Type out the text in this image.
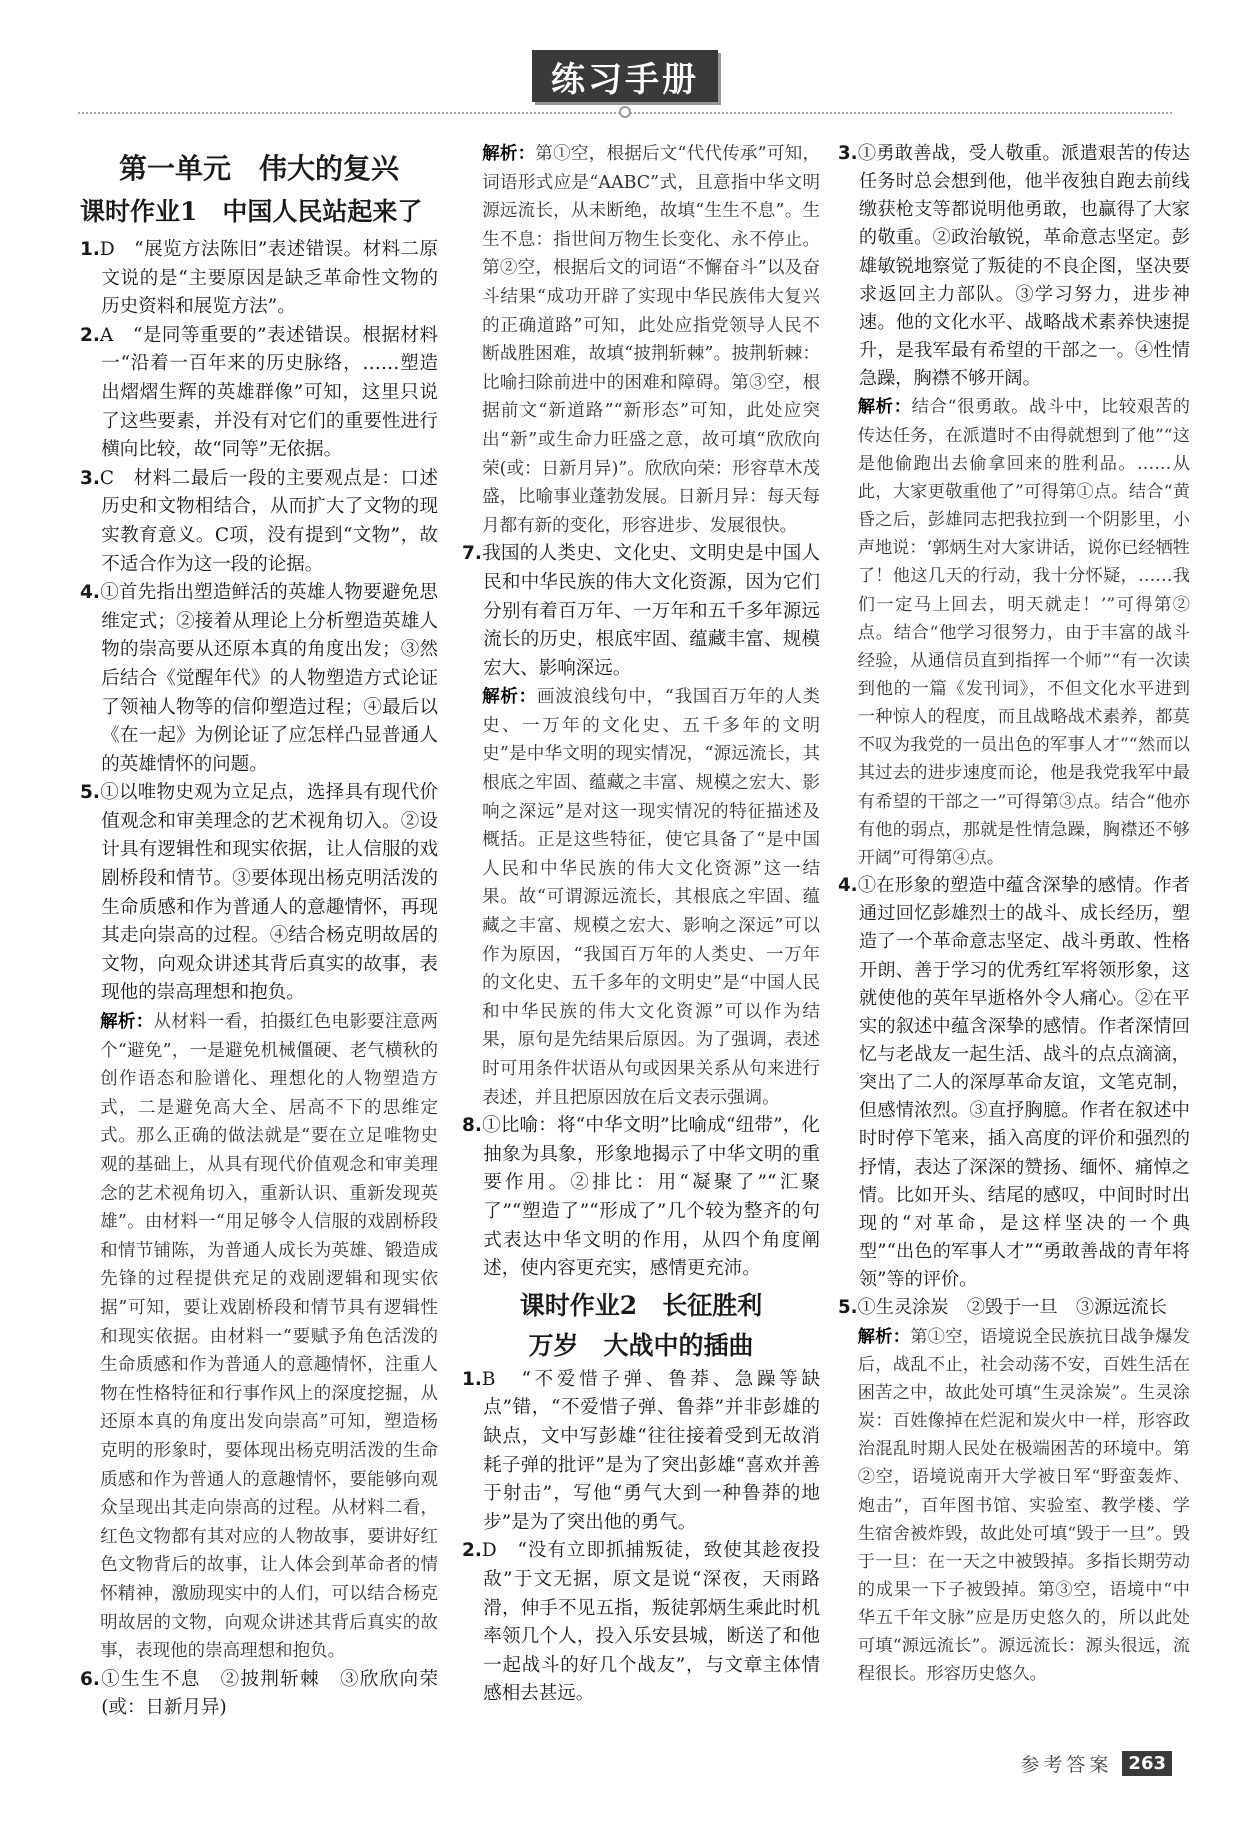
练习手册
第一单元　伟大的复兴
课时作业1　中国人民站起来了

1.D　“展览方法陈旧”表述错误。材料二原文说的是“主要原因是缺乏革命性文物的历史资料和展览方法”。

2.A　“是同等重要的”表述错误。根据材料一“沿着一百年来的历史脉络，……塑造出熠熠生辉的英雄群像”可知，这里只说了这些要素，并没有对它们的重要性进行横向比较，故“同等”无依据。

3.C　材料二最后一段的主要观点是：口述历史和文物相结合，从而扩大了文物的现实教育意义。C项，没有提到“文物”，故不适合作为这一段的论据。

4.①首先指出塑造鲜活的英雄人物要避免思维定式；②接着从理论上分析塑造英雄人物的崇高要从还原本真的角度出发；③然后结合《觉醒年代》的人物塑造方式论证了领袖人物等的信仰塑造过程；④最后以《在一起》为例论证了应怎样凸显普通人的英雄情怀的问题。

5.①以唯物史观为立足点，选择具有现代价值观念和审美理念的艺术视角切入。②设计具有逻辑性和现实依据，让人信服的戏剧桥段和情节。③要体现出杨克明活泼的生命质感和作为普通人的意趣情怀，再现其走向崇高的过程。④结合杨克明故居的文物，向观众讲述其背后真实的故事，表现他的崇高理想和抱负。

解析：从材料一看，拍摄红色电影要注意两个“避免”，一是避免机械僵硬、老气横秋的创作语态和脸谱化、理想化的人物塑造方式，二是避免高大全、居高不下的思维定式。那么正确的做法就是“要在立足唯物史观的基础上，从具有现代价值观念和审美理念的艺术视角切入，重新认识、重新发现英雄”。由材料一“用足够令人信服的戏剧桥段和情节铺陈，为普通人成长为英雄、锻造成先锋的过程提供充足的戏剧逻辑和现实依据”可知，要让戏剧桥段和情节具有逻辑性和现实依据。由材料一“要赋予角色活泼的生命质感和作为普通人的意趣情怀，注重人物在性格特征和行事作风上的深度挖掘，从还原本真的角度出发向崇高”可知，塑造杨克明的形象时，要体现出杨克明活泼的生命质感和作为普通人的意趣情怀，要能够向观众呈现出其走向崇高的过程。从材料二看，红色文物都有其对应的人物故事，要讲好红色文物背后的故事，让人体会到革命者的情怀精神，激励现实中的人们，可以结合杨克明故居的文物，向观众讲述其背后真实的故事，表现他的崇高理想和抱负。

6.①生生不息　②披荆斩棘　③欣欣向荣(或：日新月异)

解析：第①空，根据后文“代代传承”可知，词语形式应是“AABC”式，且意指中华文明源远流长，从未断绝，故填“生生不息”。生生不息：指世间万物生长变化、永不停止。第②空，根据后文的词语“不懈奋斗”以及奋斗结果“成功开辟了实现中华民族伟大复兴的正确道路”可知，此处应指党领导人民不断战胜困难，故填“披荆斩棘”。披荆斩棘：比喻扫除前进中的困难和障碍。第③空，根据前文“新道路”“新形态”可知，此处应突出“新”或生命力旺盛之意，故可填“欣欣向荣(或：日新月异)”。欣欣向荣：形容草木茂盛，比喻事业蓬勃发展。日新月异：每天每月都有新的变化，形容进步、发展很快。

7.我国的人类史、文化史、文明史是中国人民和中华民族的伟大文化资源，因为它们分别有着百万年、一万年和五千多年源远流长的历史，根底牢固、蕴藏丰富、规模宏大、影响深远。

解析：画波浪线句中，“我国百万年的人类史、一万年的文化史、五千多年的文明史”是中华文明的现实情况，“源远流长，其根底之牢固、蕴藏之丰富、规模之宏大、影响之深远”是对这一现实情况的特征描述及概括。正是这些特征，使它具备了“是中国人民和中华民族的伟大文化资源”这一结果。故“可谓源远流长，其根底之牢固、蕴藏之丰富、规模之宏大、影响之深远”可以作为原因，“我国百万年的人类史、一万年的文化史、五千多年的文明史”是“中国人民和中华民族的伟大文化资源”可以作为结果，原句是先结果后原因。为了强调，表述时可用条件状语从句或因果关系从句来进行表述，并且把原因放在后文表示强调。

8.①比喻：将“中华文明”比喻成“纽带”，化抽象为具象，形象地揭示了中华文明的重要作用。②排比：用“凝聚了”“汇聚了”“塑造了”“形成了”几个较为整齐的句式表达中华文明的作用，从四个角度阐述，使内容更充实，感情更充沛。

课时作业2　长征胜利
万岁　大战中的插曲

1.B　“不爱惜子弹、鲁莽、急躁等缺点”错，“不爱惜子弹、鲁莽”并非彭雄的缺点，文中写彭雄“往往接着受到无故消耗子弹的批评”是为了突出彭雄“喜欢并善于射击”，写他“勇气大到一种鲁莽的地步”是为了突出他的勇气。

2.D　“没有立即抓捕叛徒，致使其趁夜投敌”于文无据，原文是说“深夜，天雨路滑，伸手不见五指，叛徒郭炳生乘此时机率领几个人，投入乐安县城，断送了和他一起战斗的好几个战友”，与文章主体情感相去甚远。

3.①勇敢善战，受人敬重。派遣艰苦的传达任务时总会想到他，他半夜独自跑去前线缴获枪支等都说明他勇敢，也赢得了大家的敬重。②政治敏锐，革命意志坚定。彭雄敏锐地察觉了叛徒的不良企图，坚决要求返回主力部队。③学习努力，进步神速。他的文化水平、战略战术素养快速提升，是我军最有希望的干部之一。④性情急躁，胸襟不够开阔。

解析：结合“很勇敢。战斗中，比较艰苦的传达任务，在派遣时不由得就想到了他”“这是他偷跑出去偷拿回来的胜利品。……从此，大家更敬重他了”可得第①点。结合“黄昏之后，彭雄同志把我拉到一个阴影里，小声地说：‘郭炳生对大家讲话，说你已经牺牲了！他这几天的行动，我十分怀疑，……我们一定马上回去，明天就走！’”可得第②点。结合“他学习很努力，由于丰富的战斗经验，从通信员直到指挥一个师”“有一次读到他的一篇《发刊词》，不但文化水平进到一种惊人的程度，而且战略战术素养，都莫不叹为我党的一员出色的军事人才”“然而以其过去的进步速度而论，他是我党我军中最有希望的干部之一”可得第③点。结合“他亦有他的弱点，那就是性情急躁，胸襟还不够开阔”可得第④点。

4.①在形象的塑造中蕴含深挚的感情。作者通过回忆彭雄烈士的战斗、成长经历，塑造了一个革命意志坚定、战斗勇敢、性格开朗、善于学习的优秀红军将领形象，这就使他的英年早逝格外令人痛心。②在平实的叙述中蕴含深挚的感情。作者深情回忆与老战友一起生活、战斗的点点滴滴，突出了二人的深厚革命友谊，文笔克制，但感情浓烈。③直抒胸臆。作者在叙述中时时停下笔来，插入高度的评价和强烈的抒情，表达了深深的赞扬、缅怀、痛悼之情。比如开头、结尾的感叹，中间时时出现的“对革命，是这样坚决的一个典型”“出色的军事人才”“勇敢善战的青年将领”等的评价。

5.①生灵涂炭　②毁于一旦　③源远流长

解析：第①空，语境说全民族抗日战争爆发后，战乱不止，社会动荡不安，百姓生活在困苦之中，故此处可填“生灵涂炭”。生灵涂炭：百姓像掉在烂泥和炭火中一样，形容政治混乱时期人民处在极端困苦的环境中。第②空，语境说南开大学被日军“野蛮轰炸、炮击”，百年图书馆、实验室、教学楼、学生宿舍被炸毁，故此处可填“毁于一旦”。毁于一旦：在一天之中被毁掉。多指长期劳动的成果一下子被毁掉。第③空，语境中“中华五千年文脉”应是历史悠久的，所以此处可填“源远流长”。源远流长：源头很远，流程很长。形容历史悠久。

参考答案 263
